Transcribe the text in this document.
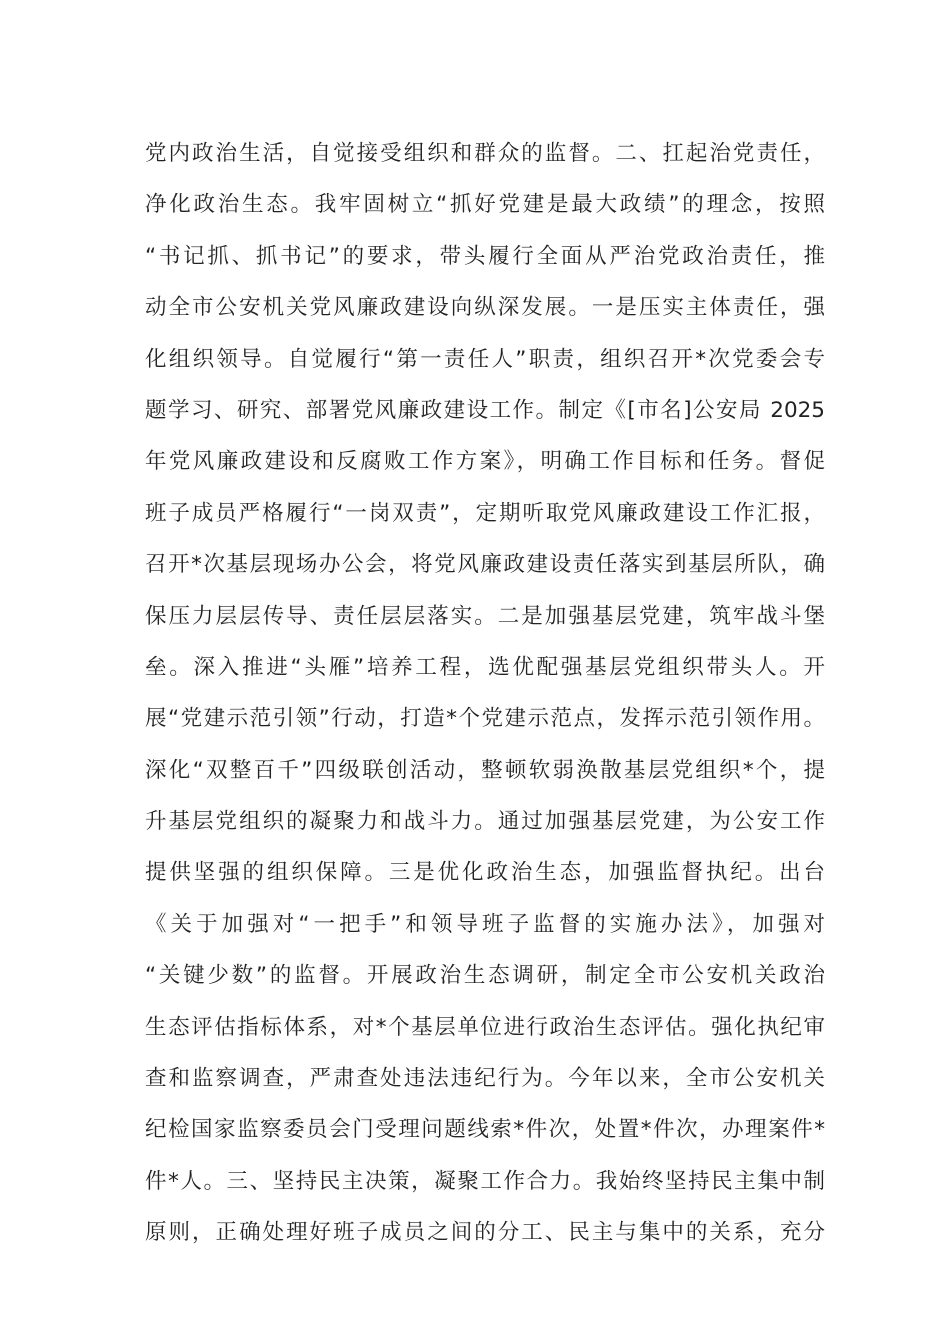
党内政治生活，自觉接受组织和群众的监督。二、扛起治党责任，
净化政治生态。我牢固树立“抓好党建是最大政绩”的理念，按照
“书记抓、抓书记”的要求，带头履行全面从严治党政治责任，推
动全市公安机关党风廉政建设向纵深发展。一是压实主体责任，强
化组织领导。自觉履行“第一责任人”职责，组织召开*次党委会专
题学习、研究、部署党风廉政建设工作。制定《[市名]公安局 2025
年党风廉政建设和反腐败工作方案》，明确工作目标和任务。督促
班子成员严格履行“一岗双责”，定期听取党风廉政建设工作汇报，
召开*次基层现场办公会，将党风廉政建设责任落实到基层所队，确
保压力层层传导、责任层层落实。二是加强基层党建，筑牢战斗堡
垒。深入推进“头雁”培养工程，选优配强基层党组织带头人。开
展“党建示范引领”行动，打造*个党建示范点，发挥示范引领作用。
深化“双整百千”四级联创活动，整顿软弱涣散基层党组织*个，提
升基层党组织的凝聚力和战斗力。通过加强基层党建，为公安工作
提供坚强的组织保障。三是优化政治生态，加强监督执纪。出台
《关于加强对“一把手”和领导班子监督的实施办法》，加强对
“关键少数”的监督。开展政治生态调研，制定全市公安机关政治
生态评估指标体系，对*个基层单位进行政治生态评估。强化执纪审
查和监察调查，严肃查处违法违纪行为。今年以来，全市公安机关
纪检国家监察委员会门受理问题线索*件次，处置*件次，办理案件*
件*人。三、坚持民主决策，凝聚工作合力。我始终坚持民主集中制
原则，正确处理好班子成员之间的分工、民主与集中的关系，充分
